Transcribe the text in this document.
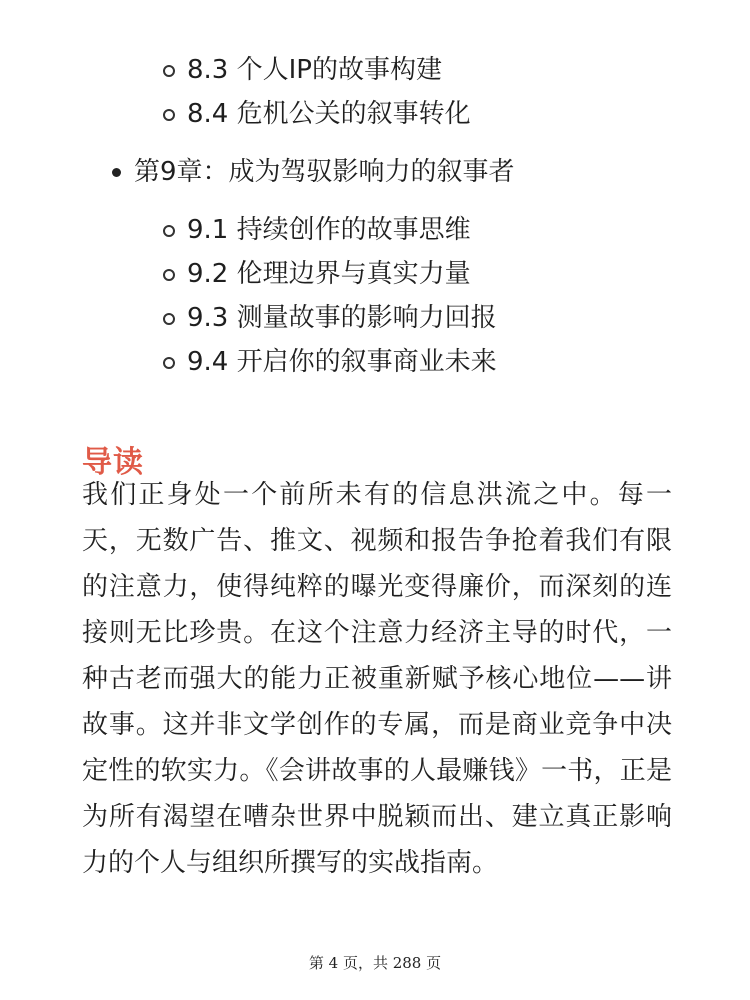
8.3 个人IP的故事构建
8.4 危机公关的叙事转化
第9章：成为驾驭影响力的叙事者
9.1 持续创作的故事思维
9.2 伦理边界与真实力量
9.3 测量故事的影响力回报
9.4 开启你的叙事商业未来
导读

我们正身处一个前所未有的信息洪流之中。每一天，无数广告、推文、视频和报告争抢着我们有限的注意力，使得纯粹的曝光变得廉价，而深刻的连接则无比珍贵。在这个注意力经济主导的时代，一种古老而强大的能力正被重新赋予核心地位——讲故事。这并非文学创作的专属，而是商业竞争中决定性的软实力。《会讲故事的人最赚钱》一书，正是为所有渴望在嘈杂世界中脱颖而出、建立真正影响力的个人与组织所撰写的实战指南。

第 4 页，共 288 页
